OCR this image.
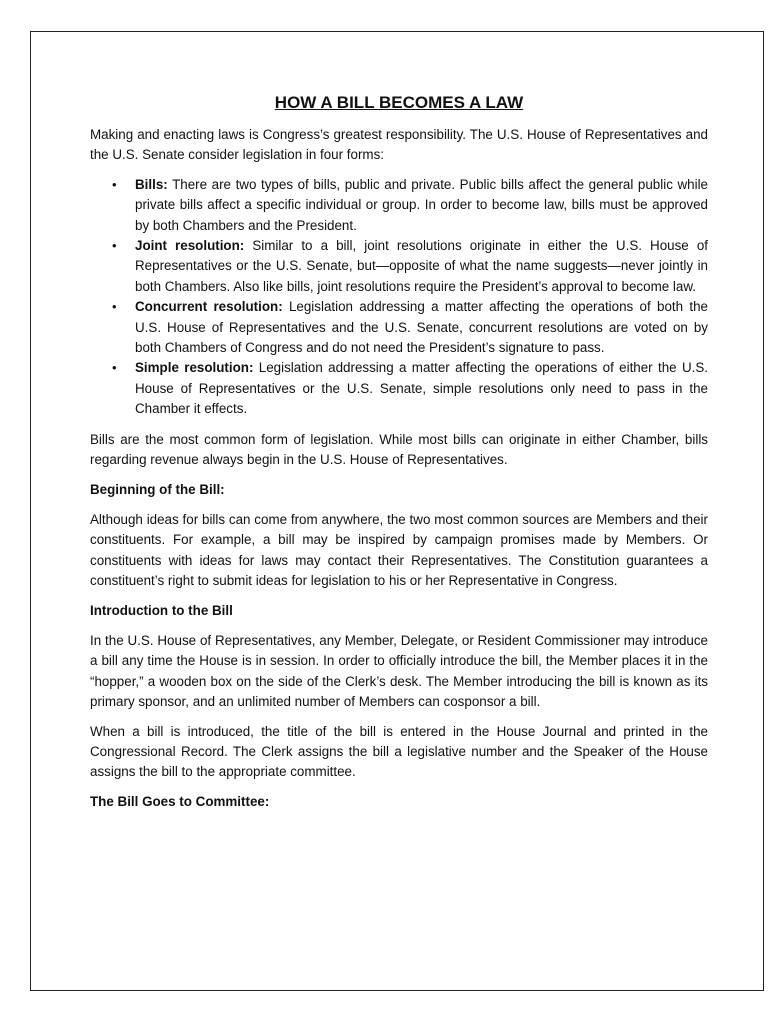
HOW A BILL BECOMES A LAW

Making and enacting laws is Congress’s greatest responsibility. The U.S. House of Representatives and the U.S. Senate consider legislation in four forms:

• Bills: There are two types of bills, public and private. Public bills affect the general public while private bills affect a specific individual or group. In order to become law, bills must be approved by both Chambers and the President.
• Joint resolution: Similar to a bill, joint resolutions originate in either the U.S. House of Representatives or the U.S. Senate, but—opposite of what the name suggests—never jointly in both Chambers. Also like bills, joint resolutions require the President’s approval to become law.
• Concurrent resolution: Legislation addressing a matter affecting the operations of both the U.S. House of Representatives and the U.S. Senate, concurrent resolutions are voted on by both Chambers of Congress and do not need the President’s signature to pass.
• Simple resolution: Legislation addressing a matter affecting the operations of either the U.S. House of Representatives or the U.S. Senate, simple resolutions only need to pass in the Chamber it effects.

Bills are the most common form of legislation. While most bills can originate in either Chamber, bills regarding revenue always begin in the U.S. House of Representatives.

Beginning of the Bill:

Although ideas for bills can come from anywhere, the two most common sources are Members and their constituents. For example, a bill may be inspired by campaign promises made by Members. Or constituents with ideas for laws may contact their Representatives. The Constitution guarantees a constituent’s right to submit ideas for legislation to his or her Representative in Congress.

Introduction to the Bill

In the U.S. House of Representatives, any Member, Delegate, or Resident Commissioner may introduce a bill any time the House is in session. In order to officially introduce the bill, the Member places it in the “hopper,” a wooden box on the side of the Clerk’s desk. The Member introducing the bill is known as its primary sponsor, and an unlimited number of Members can cosponsor a bill.

When a bill is introduced, the title of the bill is entered in the House Journal and printed in the Congressional Record. The Clerk assigns the bill a legislative number and the Speaker of the House assigns the bill to the appropriate committee.

The Bill Goes to Committee:
